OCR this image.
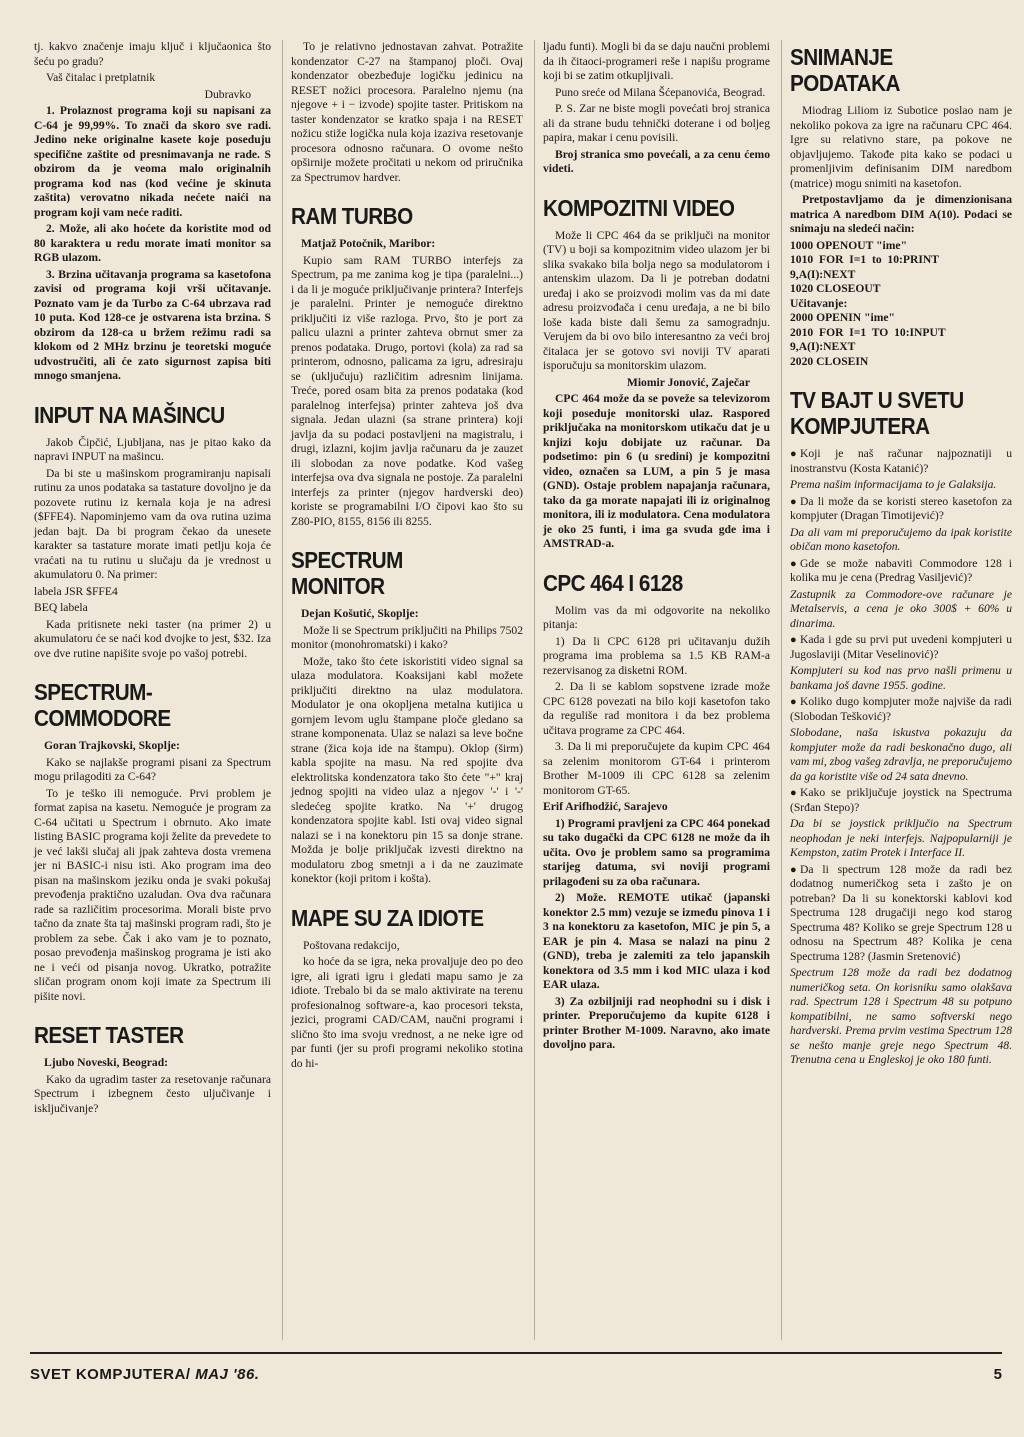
tj. kakvo značenje imaju ključ i ključaonica što šeću po gradu?

Vaš čitalac i pretplatnik

Dubravko

1. Prolaznost programa koji su napisani za C-64 je 99,99%. To znači da skoro sve radi. Jedino neke originalne kasete koje poseduju specifične zaštite od presnimavanja ne rade. S obzirom da je veoma malo originalnih programa kod nas (kod većine je skinuta zaštita) verovatno nikada nećete naići na program koji vam neće raditi.

2. Može, ali ako hoćete da koristite mod od 80 karaktera u redu morate imati monitor sa RGB ulazom.

3. Brzina učitavanja programa sa kasetofona zavisi od programa koji vrši učitavanje. Poznato vam je da Turbo za C-64 ubrzava rad 10 puta. Kod 128-ce je ostvarena ista brzina. S obzirom da 128-ca u bržem režimu radi sa klokom od 2 MHz brzinu je teoretski moguće udvostručiti, ali će zato sigurnost zapisa biti mnogo smanjena.

INPUT NA MAŠINCU

Jakob Čipčić, Ljubljana, nas je pitao kako da napravi INPUT na mašincu.

Da bi ste u mašinskom programiranju napisali rutinu za unos podataka sa tastature dovoljno je da pozovete rutinu iz kernala koja je na adresi ($FFE4). Napominjemo vam da ova rutina uzima jedan bajt. Da bi program čekao da unesete karakter sa tastature morate imati petlju koja će vraćati na tu rutinu u slučaju da je vrednost u akumulatoru 0. Na primer:

labela JSR $FFE4

BEQ labela

Kada pritisnete neki taster (na primer 2) u akumulatoru će se naći kod dvojke to jest, $32. Iza ove dve rutine napišite svoje po vašoj potrebi.

SPECTRUM-COMMODORE
Goran Trajkovski, Skoplje:

Kako se najlakše programi pisani za Spectrum mogu prilagoditi za C-64?

To je teško ili nemoguće. Prvi problem je format zapisa na kasetu. Nemoguće je program za C-64 učitati u Spectrum i obrnuto. Ako imate listing BASIC programa koji želite da prevedete to je već lakši slučaj ali jpak zahteva dosta vremena jer ni BASIC-i nisu isti. Ako program ima deo pisan na mašinskom jeziku onda je svaki pokušaj prevođenja praktično uzaludan. Ova dva računara rade sa različitim procesorima. Morali biste prvo tačno da znate šta taj mašinski program radi, što je problem za sebe. Čak i ako vam je to poznato, posao prevođenja mašinskog programa je isti ako ne i veći od pisanja novog. Ukratko, potražite sličan program onom koji imate za Spectrum ili pišite novi.

RESET TASTER
Ljubo Noveski, Beograd:

Kako da ugradim taster za resetovanje računara Spectrum i izbegnem često uljučivanje i isključivanje?

To je relativno jednostavan zahvat. Potražite kondenzator C-27 na štampanoj ploči. Ovaj kondenzator obezbeđuje logičku jedinicu na RESET nožici procesora. Paralelno njemu (na njegove + i − izvode) spojite taster. Pritiskom na taster kondenzator se kratko spaja i na RESET nožicu stiže logička nula koja izaziva resetovanje procesora odnosno računara. O ovome nešto opširnije možete pročitati u nekom od priručnika za Spectrumov hardver.

RAM TURBO
Matjaž Potočnik, Maribor:

Kupio sam RAM TURBO interfejs za Spectrum, pa me zanima kog je tipa (paralelni...) i da li je moguće priključivanje printera? Interfejs je paralelni. Printer je nemoguće direktno priključiti iz više razloga. Prvo, što je port za palicu ulazni a printer zahteva obrnut smer za prenos podataka. Drugo, portovi (kola) za rad sa printerom, odnosno, palicama za igru, adresiraju se (uključuju) različitim adresnim linijama. Treće, pored osam bita za prenos podataka (kod paralelnog interfejsa) printer zahteva još dva signala. Jedan ulazni (sa strane printera) koji javlja da su podaci postavljeni na magistralu, i drugi, izlazni, kojim javlja računaru da je zauzet ili slobodan za nove podatke. Kod vašeg interfejsa ova dva signala ne postoje. Za paralelni interfejs za printer (njegov hardverski deo) koriste se programabilni I/O čipovi kao što su Z80-PIO, 8155, 8156 ili 8255.

SPECTRUM MONITOR
Dejan Košutić, Skoplje:

Može li se Spectrum priključiti na Philips 7502 monitor (monohromatski) i kako?

Može, tako što ćete iskoristiti video signal sa ulaza modulatora. Koaksijani kabl možete priključiti direktno na ulaz modulatora. Modulator je ona okopljena metalna kutijica u gornjem levom uglu štampane ploče gledano sa strane komponenata. Ulaz se nalazi sa leve bočne strane (žica koja ide na štampu). Oklop (širm) kabla spojite na masu. Na red spojite dva elektrolitska kondenzatora tako što ćete "+" kraj jednog spojiti na video ulaz a njegov '-' i '-' sledećeg spojite kratko. Na '+' drugog kondenzatora spojite kabl. Isti ovaj video signal nalazi se i na konektoru pin 15 sa donje strane. Možda je bolje priključak izvesti direktno na modulatoru zbog smetnji a i da ne zauzimate konektor (koji pritom i košta).

MAPE SU ZA IDIOTE

Poštovana redakcijo,

ko hoće da se igra, neka provaljuje deo po deo igre, ali igrati igru i gledati mapu samo je za idiote. Trebalo bi da se malo aktivirate na terenu profesionalnog software-a, kao procesori teksta, jezici, programi CAD/CAM, naučni programi i slično što ima svoju vrednost, a ne neke igre od par funti (jer su profi programi nekoliko stotina do hi-

ljadu funti). Mogli bi da se daju naučni problemi da ih čitaoci-programeri reše i napišu programe koji bi se zatim otkupljivali.

Puno sreće od Milana Šćepanovića, Beograd.

P. S. Zar ne biste mogli povećati broj stranica ali da strane budu tehnički doterane i od boljeg papira, makar i cenu povisili.

Broj stranica smo povećali, a za cenu ćemo videti.

KOMPOZITNI VIDEO

Može li CPC 464 da se priključi na monitor (TV) u boji sa kompozitnim video ulazom jer bi slika svakako bila bolja nego sa modulatorom i antenskim ulazom. Da li je potreban dodatni uređaj i ako se proizvodi molim vas da mi date adresu proizvođača i cenu uređaja, a ne bi bilo loše kada biste dali šemu za samogradnju. Verujem da bi ovo bilo interesantno za veći broj čitalaca jer se gotovo svi noviji TV aparati isporučuju sa monitorskim ulazom.

Miomir Jonović, Zaječar

CPC 464 može da se poveže sa televizorom koji poseduje monitorski ulaz. Raspored priključaka na monitorskom utikaču dat je u knjizi koju dobijate uz računar. Da podsetimo: pin 6 (u sredini) je kompozitni video, označen sa LUM, a pin 5 je masa (GND). Ostaje problem napajanja računara, tako da ga morate napajati ili iz originalnog monitora, ili iz modulatora. Cena modulatora je oko 25 funti, i ima ga svuda gde ima i AMSTRAD-a.

CPC 464 I 6128

Molim vas da mi odgovorite na nekoliko pitanja:

1) Da li CPC 6128 pri učitavanju dužih programa ima problema sa 1.5 KB RAM-a rezervisanog za disketni ROM.

2. Da li se kablom sopstvene izrade može CPC 6128 povezati na bilo koji kasetofon tako da reguliše rad monitora i da bez problema učitava programe za CPC 464.

3. Da li mi preporučujete da kupim CPC 464 sa zelenim monitorom GT-64 i printerom Brother M-1009 ili CPC 6128 sa zelenim monitorom GT-65.

Erif Arifhodžić, Sarajevo

1) Programi pravljeni za CPC 464 ponekad su tako dugački da CPC 6128 ne može da ih učita. Ovo je problem samo sa programima starijeg datuma, svi noviji programi prilagođeni su za oba računara.

2) Može. REMOTE utikač (japanski konektor 2.5 mm) vezuje se između pinova 1 i 3 na konektoru za kasetofon, MIC je pin 5, a EAR je pin 4. Masa se nalazi na pinu 2 (GND), treba je zalemiti za telo japanskih konektora od 3.5 mm i kod MIC ulaza i kod EAR ulaza.

3) Za ozbiljniji rad neophodni su i disk i printer. Preporučujemo da kupite 6128 i printer Brother M-1009. Naravno, ako imate dovoljno para.

SNIMANJE PODATAKA

Miodrag Liliom iz Subotice poslao nam je nekoliko pokova za igre na računaru CPC 464. Igre su relativno stare, pa pokove ne objavljujemo. Takođe pita kako se podaci u promenljivim definisanim DIM naredbom (matrice) mogu snimiti na kasetofon.

Pretpostavljamo da je dimenzionisana matrica A naredbom DIM A(10). Podaci se snimaju na sledeći način:

1000 OPENOUT "ime"
1010  FOR  I=1  to  10:PRINT
9,A(I):NEXT
1020 CLOSEOUT
Učitavanje:
2000 OPENIN "ime"
2010  FOR  I=1  TO  10:INPUT
9,A(I):NEXT
2020 CLOSEIN
TV BAJT U SVETU KOMPJUTERA

● Koji je naš računar najpoznatiji u inostranstvu (Kosta Katanić)?

Prema našim informacijama to je Galaksija.

● Da li može da se koristi stereo kasetofon za kompjuter (Dragan Timotijević)?

Da ali vam mi preporučujemo da ipak koristite običan mono kasetofon.

● Gde se može nabaviti Commodore 128 i kolika mu je cena (Predrag Vasiljević)?

Zastupnik za Commodore-ove računare je Metalservis, a cena je oko 300$ + 60% u dinarima.

● Kada i gde su prvi put uvedeni kompjuteri u Jugoslaviji (Mitar Veselinović)?

Kompjuteri su kod nas prvo našli primenu u bankama još davne 1955. godine.

● Koliko dugo kompjuter može najviše da radi (Slobodan Tešković)?

Slobodane, naša iskustva pokazuju da kompjuter može da radi beskonačno dugo, ali vam mi, zbog vašeg zdravlja, ne preporučujemo da ga koristite više od 24 sata dnevno.

● Kako se priključuje joystick na Spectruma (Srđan Stepo)?

Da bi se joystick priključio na Spectrum neophodan je neki interfejs. Najpopularniji je Kempston, zatim Protek i Interface II.

● Da li spectrum 128 može da radi bez dodatnog numeričkog seta i zašto je on potreban? Da li su konektorski kablovi kod Spectruma 128 drugačiji nego kod starog Spectruma 48? Koliko se greje Spectrum 128 u odnosu na Spectrum 48? Kolika je cena Spectruma 128? (Jasmin Sretenović)

Spectrum 128 može da radi bez dodatnog numeričkog seta. On korisniku samo olakšava rad. Spectrum 128 i Spectrum 48 su potpuno kompatibilni, ne samo softverski nego hardverski. Prema prvim vestima Spectrum 128 se nešto manje greje nego Spectrum 48. Trenutna cena u Engleskoj je oko 180 funti.

SVET KOMPJUTERA/ MAJ '86.	5
